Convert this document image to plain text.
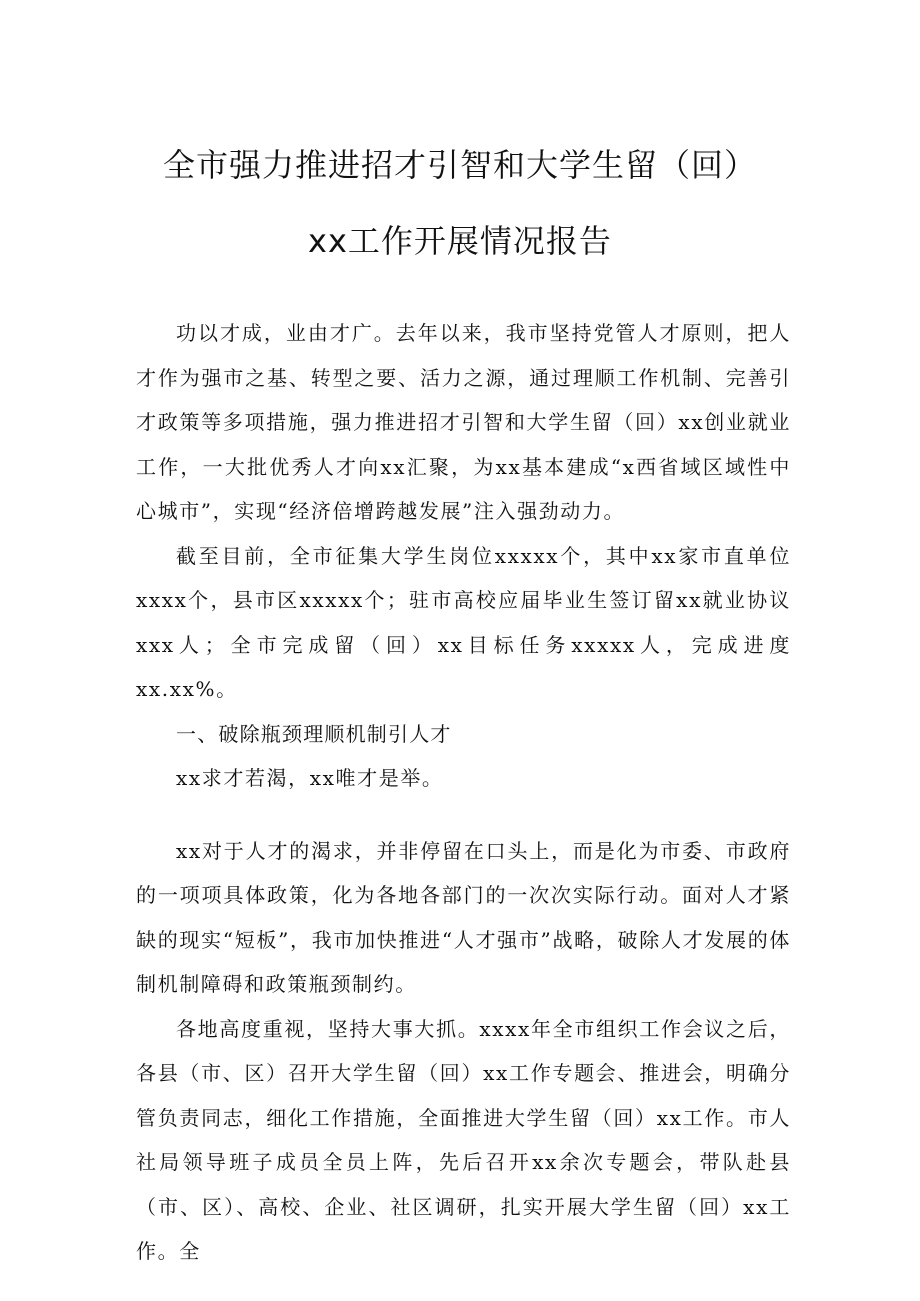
全市强力推进招才引智和大学生留（回）
xx工作开展情况报告

功以才成，业由才广。去年以来，我市坚持党管人才原则，把人才作为强市之基、转型之要、活力之源，通过理顺工作机制、完善引才政策等多项措施，强力推进招才引智和大学生留（回）xx创业就业工作，一大批优秀人才向xx汇聚，为xx基本建成“x西省域区域性中心城市”，实现“经济倍增跨越发展”注入强劲动力。

截至目前，全市征集大学生岗位xxxxx个，其中xx家市直单位xxxx个，县市区xxxxx个；驻市高校应届毕业生签订留xx就业协议xxx人；全市完成留（回）xx目标任务xxxxx人，完成进度xx.xx%。

一、破除瓶颈理顺机制引人才

xx求才若渴，xx唯才是举。

xx对于人才的渴求，并非停留在口头上，而是化为市委、市政府的一项项具体政策，化为各地各部门的一次次实际行动。面对人才紧缺的现实“短板”，我市加快推进“人才强市”战略，破除人才发展的体制机制障碍和政策瓶颈制约。

各地高度重视，坚持大事大抓。xxxx年全市组织工作会议之后，各县（市、区）召开大学生留（回）xx工作专题会、推进会，明确分管负责同志，细化工作措施，全面推进大学生留（回）xx工作。市人社局领导班子成员全员上阵，先后召开xx余次专题会，带队赴县（市、区）、高校、企业、社区调研，扎实开展大学生留（回）xx工作。全
